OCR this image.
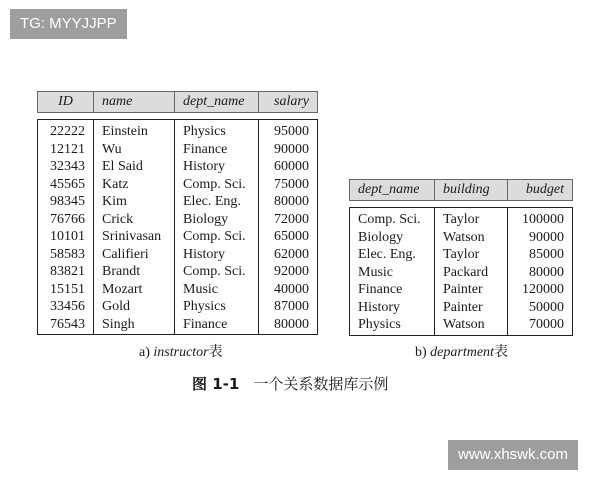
TG: MYYJJPP
ID	name	dept_name	salary

22222	Einstein	Physics	95000
12121	Wu	Finance	90000
32343	El Said	History	60000
45565	Katz	Comp. Sci.	75000
98345	Kim	Elec. Eng.	80000
76766	Crick	Biology	72000
10101	Srinivasan	Comp. Sci.	65000
58583	Califieri	History	62000
83821	Brandt	Comp. Sci.	92000
15151	Mozart	Music	40000
33456	Gold	Physics	87000
76543	Singh	Finance	80000
dept_name	building	budget

Comp. Sci.	Taylor	100000
Biology	Watson	90000
Elec. Eng.	Taylor	85000
Music	Packard	80000
Finance	Painter	120000
History	Painter	50000
Physics	Watson	70000
a) instructor表	b) department表
图 1-1 一个关系数据库示例
www.xhswk.com
